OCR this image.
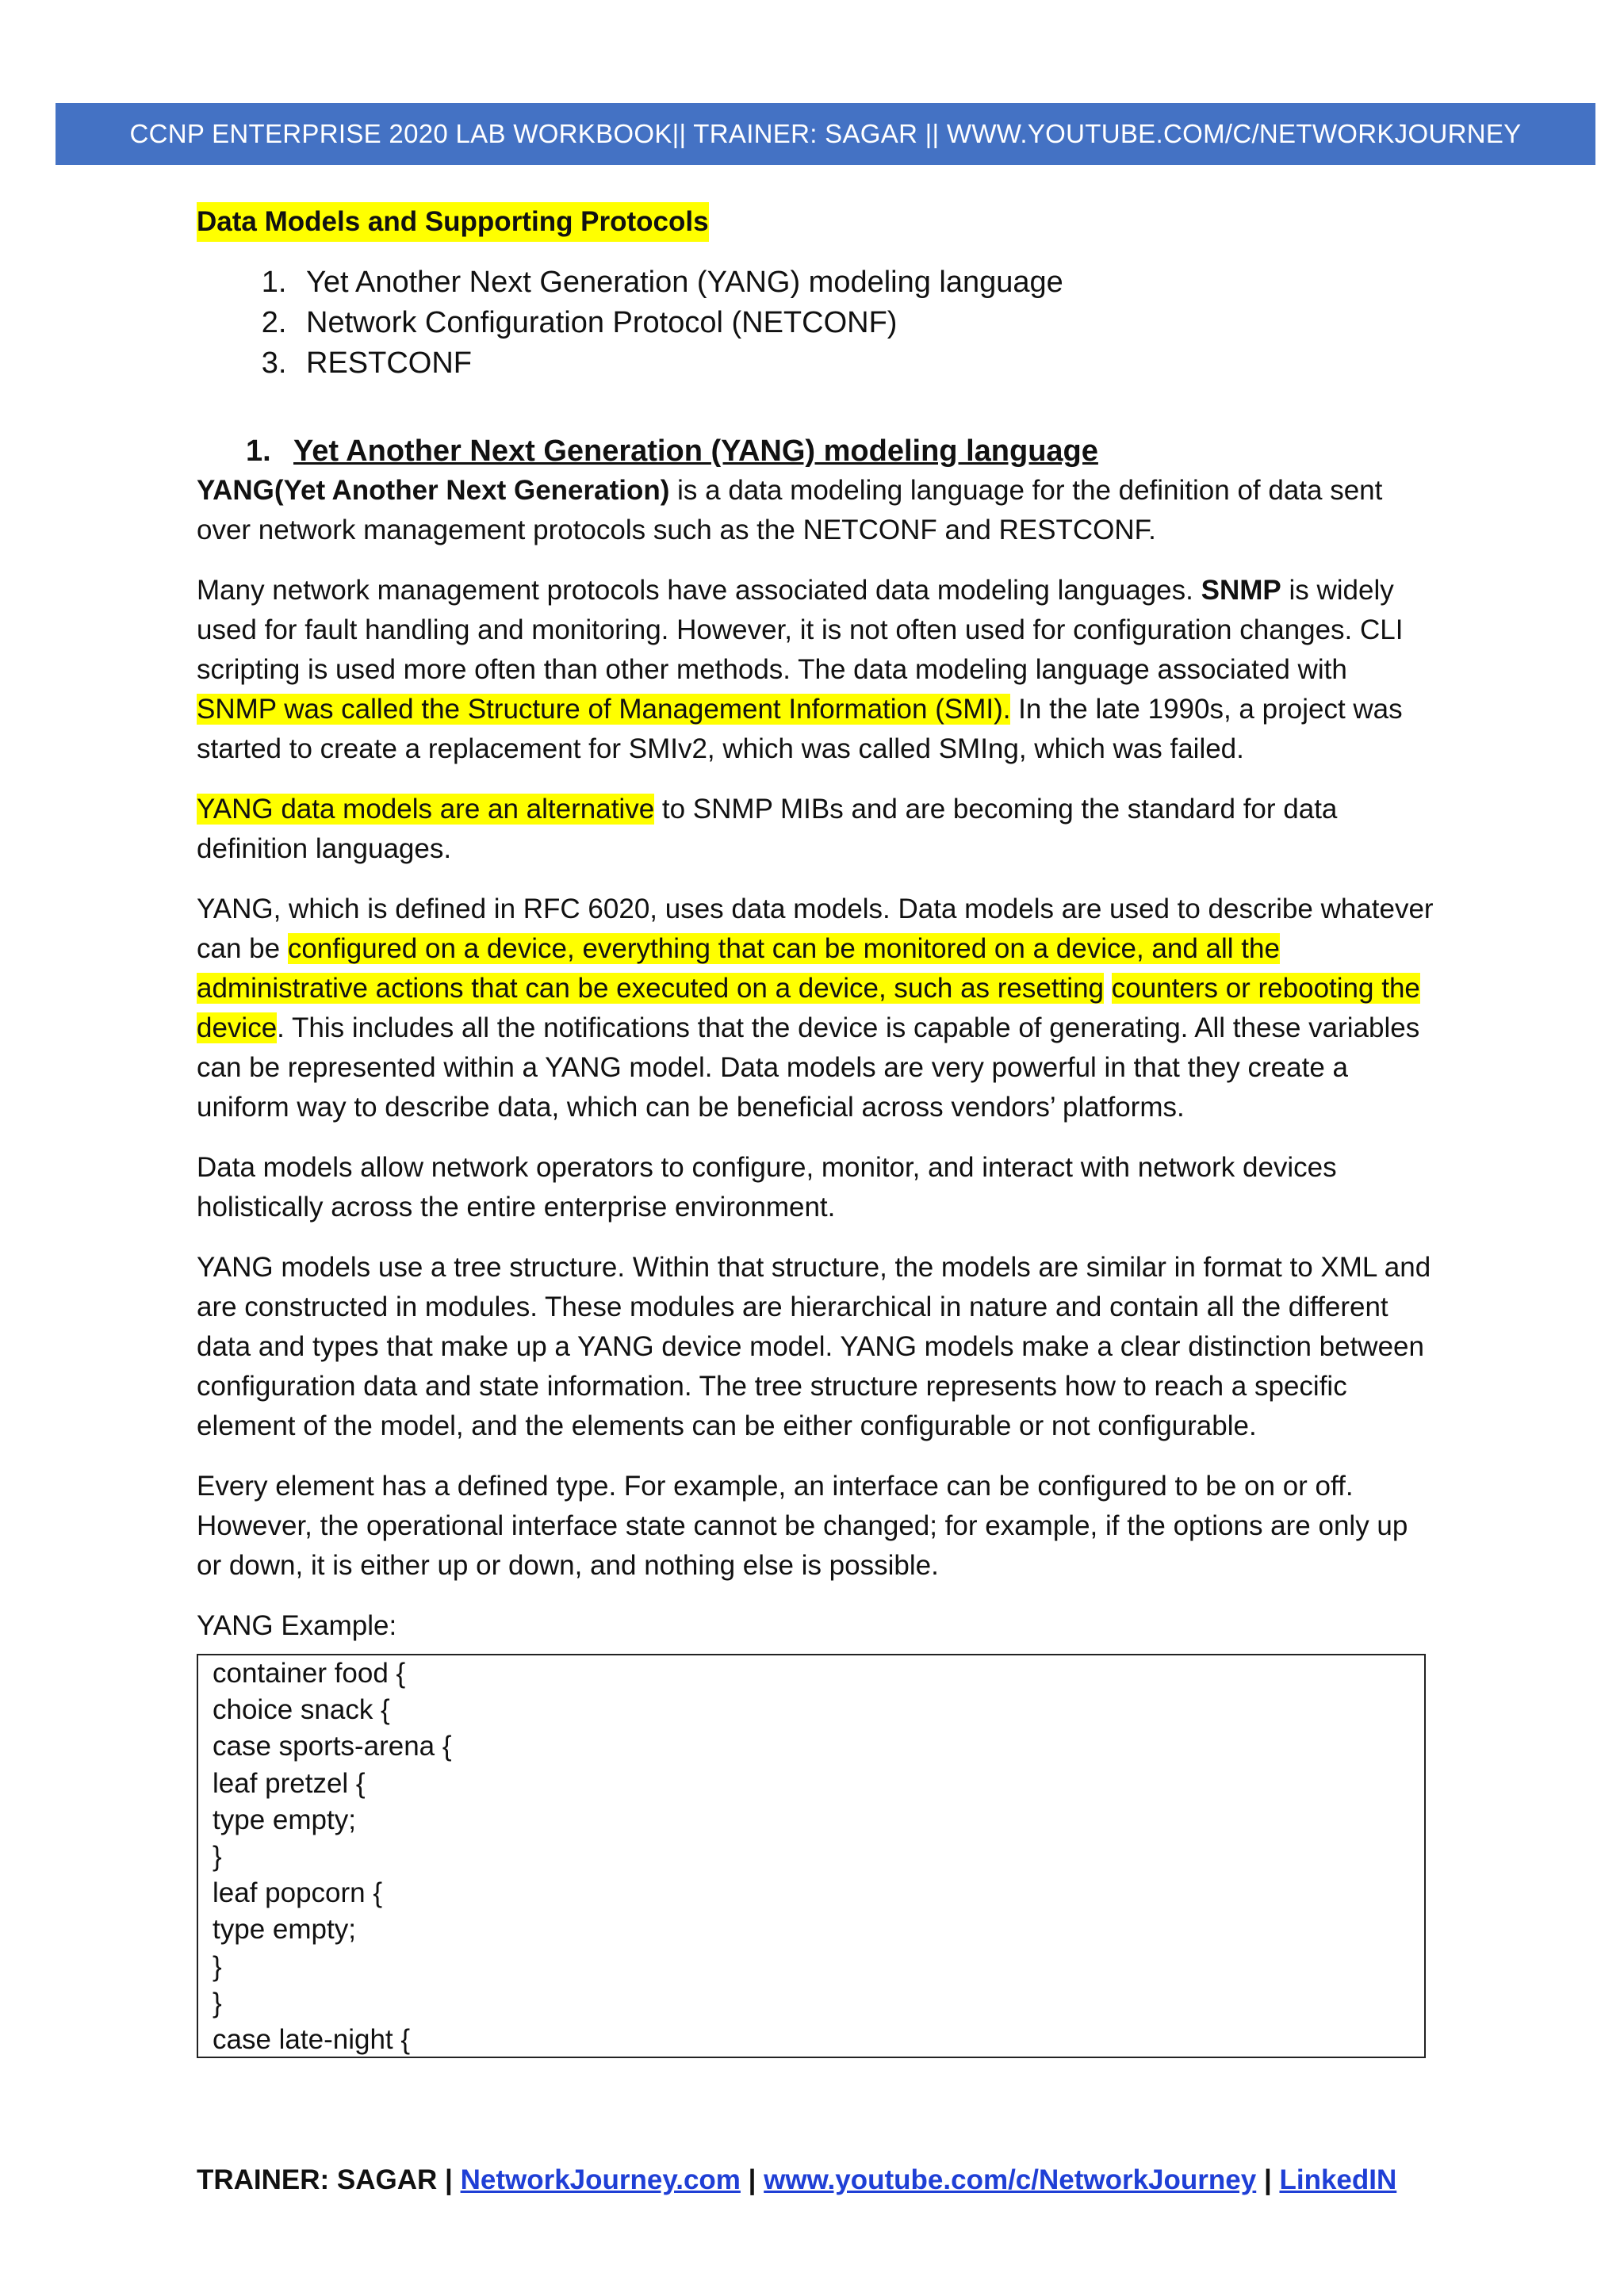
CCNP ENTERPRISE 2020 LAB WORKBOOK|| TRAINER: SAGAR || WWW.YOUTUBE.COM/C/NETWORKJOURNEY
Data Models and Supporting Protocols
1. Yet Another Next Generation (YANG) modeling language
2. Network Configuration Protocol (NETCONF)
3. RESTCONF
1. Yet Another Next Generation (YANG) modeling language

YANG(Yet Another Next Generation) is a data modeling language for the definition of data sent over network management protocols such as the NETCONF and RESTCONF.

Many network management protocols have associated data modeling languages. SNMP is widely used for fault handling and monitoring. However, it is not often used for configuration changes. CLI scripting is used more often than other methods. The data modeling language associated with SNMP was called the Structure of Management Information (SMI). In the late 1990s, a project was started to create a replacement for SMIv2, which was called SMIng, which was failed.

YANG data models are an alternative to SNMP MIBs and are becoming the standard for data definition languages.

YANG, which is defined in RFC 6020, uses data models. Data models are used to describe whatever can be configured on a device, everything that can be monitored on a device, and all the administrative actions that can be executed on a device, such as resetting counters or rebooting the device. This includes all the notifications that the device is capable of generating. All these variables can be represented within a YANG model. Data models are very powerful in that they create a uniform way to describe data, which can be beneficial across vendors’ platforms.

Data models allow network operators to configure, monitor, and interact with network devices holistically across the entire enterprise environment.

YANG models use a tree structure. Within that structure, the models are similar in format to XML and are constructed in modules. These modules are hierarchical in nature and contain all the different data and types that make up a YANG device model. YANG models make a clear distinction between configuration data and state information. The tree structure represents how to reach a specific element of the model, and the elements can be either configurable or not configurable.

Every element has a defined type. For example, an interface can be configured to be on or off. However, the operational interface state cannot be changed; for example, if the options are only up or down, it is either up or down, and nothing else is possible.

YANG Example:

container food {
choice snack {
case sports-arena {
leaf pretzel {
type empty;
}
leaf popcorn {
type empty;
}
}
case late-night {
TRAINER: SAGAR | NetworkJourney.com | www.youtube.com/c/NetworkJourney | LinkedIN
